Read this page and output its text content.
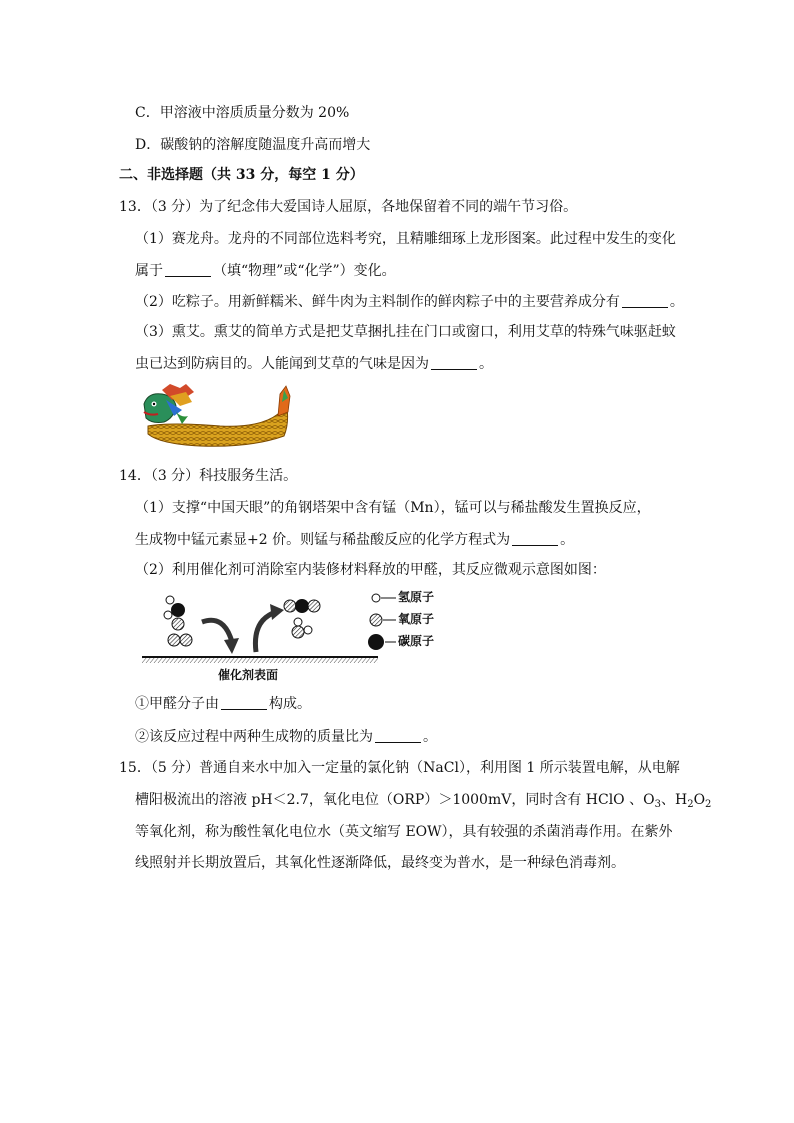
C．甲溶液中溶质质量分数为 20%
D．碳酸钠的溶解度随温度升高而增大
二、非选择题（共 33 分，每空 1 分）
13．（3 分）为了纪念伟大爱国诗人屈原，各地保留着不同的端午节习俗。
（1）赛龙舟。龙舟的不同部位选料考究，且精雕细琢上龙形图案。此过程中发生的变化
属于	（填“物理”或“化学”）变化。
（2）吃粽子。用新鲜糯米、鲜牛肉为主料制作的鲜肉粽子中的主要营养成分有	。
（3）熏艾。熏艾的简单方式是把艾草捆扎挂在门口或窗口，利用艾草的特殊气味驱赶蚊
虫已达到防病目的。人能闻到艾草的气味是因为	。
14．（3 分）科技服务生活。
（1）支撑“中国天眼”的角钢塔架中含有锰（Mn），锰可以与稀盐酸发生置换反应，
生成物中锰元素显+2 价。则锰与稀盐酸反应的化学方程式为	。
（2）利用催化剂可消除室内装修材料释放的甲醛，其反应微观示意图如图：
氢原子
氧原子
碳原子
催化剂表面
①甲醛分子由	构成。
②该反应过程中两种生成物的质量比为	。
15．（5 分）普通自来水中加入一定量的氯化钠（NaCl），利用图 1 所示装置电解，从电解
槽阳极流出的溶液 pH＜2.7，氧化电位（ORP）＞1000mV，同时含有 HClO 、$O_3$、$H_2O_2$
等氧化剂，称为酸性氧化电位水（英文缩写 EOW），具有较强的杀菌消毒作用。在紫外
线照射并长期放置后，其氧化性逐渐降低，最终变为普水，是一种绿色消毒剂。
